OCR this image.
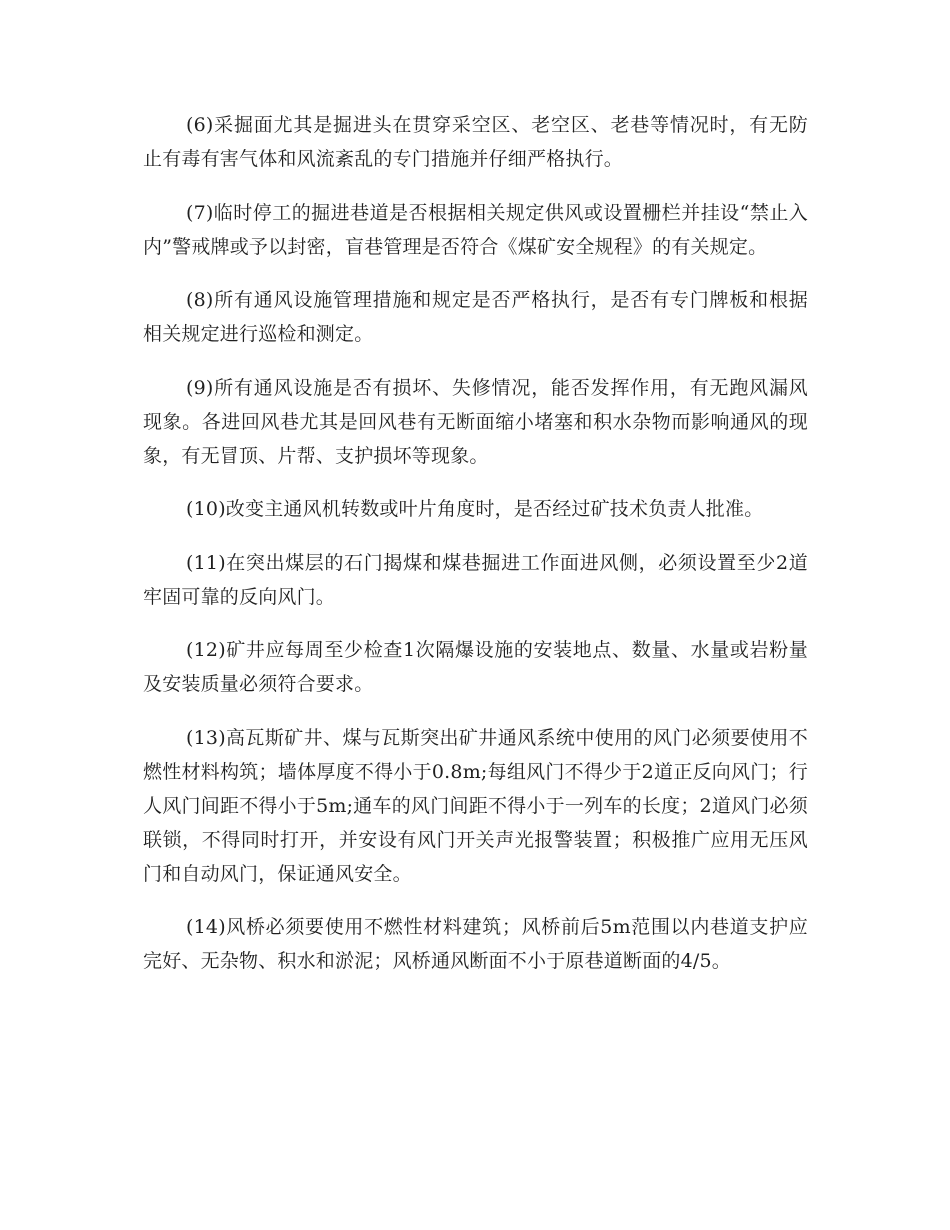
(6)采掘面尤其是掘进头在贯穿采空区、老空区、老巷等情况时，有无防止有毒有害气体和风流紊乱的专门措施并仔细严格执行。

(7)临时停工的掘进巷道是否根据相关规定供风或设置栅栏并挂设“禁止入内”警戒牌或予以封密，盲巷管理是否符合《煤矿安全规程》的有关规定。

(8)所有通风设施管理措施和规定是否严格执行，是否有专门牌板和根据相关规定进行巡检和测定。

(9)所有通风设施是否有损坏、失修情况，能否发挥作用，有无跑风漏风现象。各进回风巷尤其是回风巷有无断面缩小堵塞和积水杂物而影响通风的现象，有无冒顶、片帮、支护损坏等现象。

(10)改变主通风机转数或叶片角度时，是否经过矿技术负责人批准。

(11)在突出煤层的石门揭煤和煤巷掘进工作面进风侧，必须设置至少2道牢固可靠的反向风门。

(12)矿井应每周至少检查1次隔爆设施的安装地点、数量、水量或岩粉量及安装质量必须符合要求。

(13)高瓦斯矿井、煤与瓦斯突出矿井通风系统中使用的风门必须要使用不燃性材料构筑；墙体厚度不得小于0.8m;每组风门不得少于2道正反向风门；行人风门间距不得小于5m;通车的风门间距不得小于一列车的长度；2道风门必须联锁，不得同时打开，并安设有风门开关声光报警装置；积极推广应用无压风门和自动风门，保证通风安全。

(14)风桥必须要使用不燃性材料建筑；风桥前后5m范围以内巷道支护应完好、无杂物、积水和淤泥；风桥通风断面不小于原巷道断面的4/5。
